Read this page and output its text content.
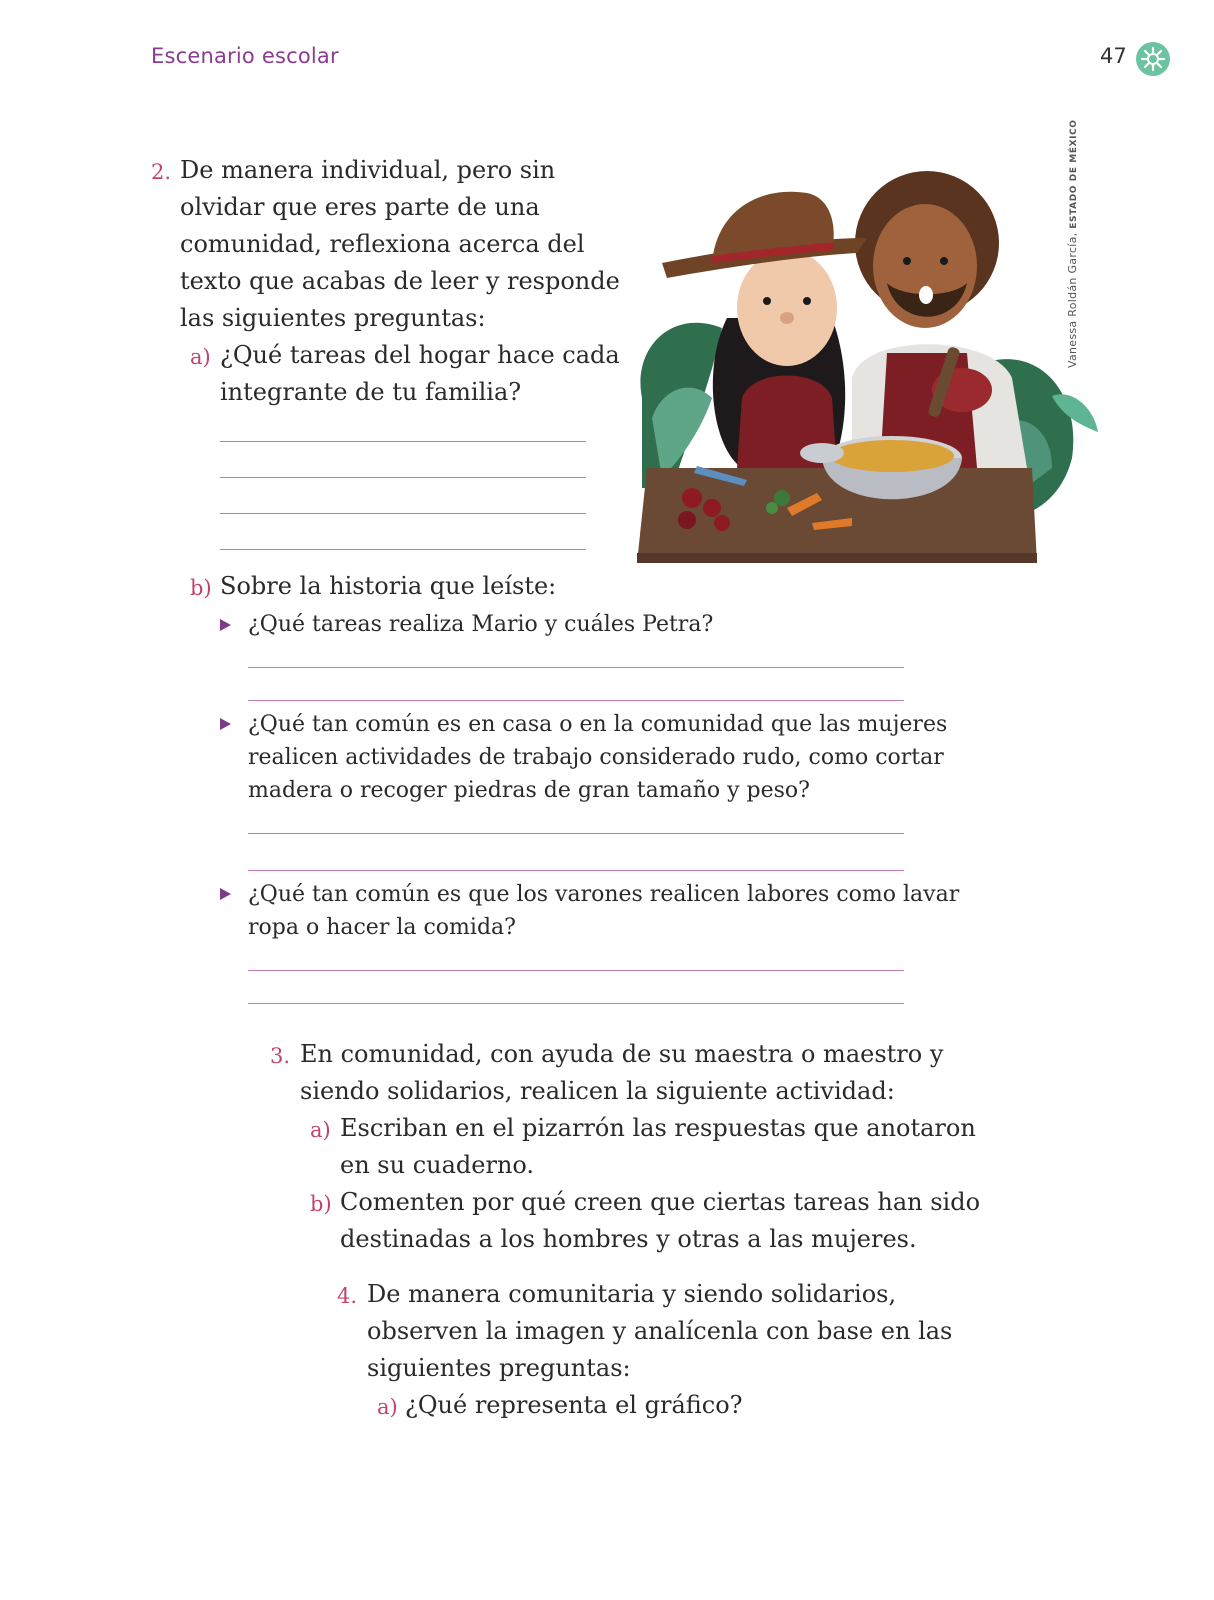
Escenario escolar	47
Vanessa Roldán García, ESTADO DE MÉXICO
2. De manera individual, pero sin
olvidar que eres parte de una
comunidad, reflexiona acerca del
texto que acabas de leer y responde
las siguientes preguntas:
a) ¿Qué tareas del hogar hace cada
integrante de tu familia?
b) Sobre la historia que leíste:
¿Qué tareas realiza Mario y cuáles Petra?
¿Qué tan común es en casa o en la comunidad que las mujeres
realicen actividades de trabajo considerado rudo, como cortar
madera o recoger piedras de gran tamaño y peso?
¿Qué tan común es que los varones realicen labores como lavar
ropa o hacer la comida?
3. En comunidad, con ayuda de su maestra o maestro y
siendo solidarios, realicen la siguiente actividad:
a) Escriban en el pizarrón las respuestas que anotaron
en su cuaderno.
b) Comenten por qué creen que ciertas tareas han sido
destinadas a los hombres y otras a las mujeres.
4. De manera comunitaria y siendo solidarios,
observen la imagen y analícenla con base en las
siguientes preguntas:
a) ¿Qué representa el gráfico?
